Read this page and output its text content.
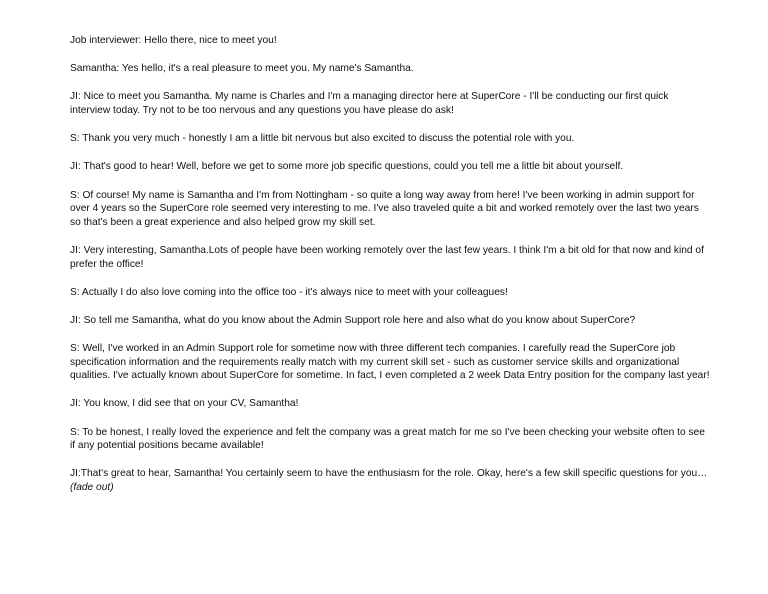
Job interviewer: Hello there, nice to meet you!

Samantha: Yes hello, it's a real pleasure to meet you. My name's Samantha.

JI: Nice to meet you Samantha. My name is Charles and I'm a managing director here at SuperCore - I'll be conducting our first quick interview today. Try not to be too nervous and any questions you have please do ask!

S: Thank you very much - honestly I am a little bit nervous but also excited to discuss the potential role with you.

JI: That's good to hear! Well, before we get to some more job specific questions, could you tell me a little bit about yourself.

S: Of course! My name is Samantha and I'm from Nottingham - so quite a long way away from here! I've been working in admin support for over 4 years so the SuperCore role seemed very interesting to me. I've also traveled quite a bit and worked remotely over the last two years so that's been a great experience and also helped grow my skill set.

JI: Very interesting, Samantha.Lots of people have been working remotely over the last few years. I think I'm a bit old for that now and kind of prefer the office!

S: Actually I do also love coming into the office too - it's always nice to meet with your colleagues!

JI: So tell me Samantha, what do you know about the Admin Support role here and also what do you know about SuperCore?

S: Well, I've worked in an Admin Support role for sometime now with three different tech companies. I carefully read the SuperCore job specification information and the requirements really match with my current skill set - such as customer service skills and organizational qualities. I've actually known about SuperCore for sometime. In fact, I even completed a 2 week Data Entry position for the company last year!

JI: You know, I did see that on your CV, Samantha!

S: To be honest, I really loved the experience and felt the company was a great match for me so I've been checking your website often to see if any potential positions became available!

JI:That's great to hear, Samantha! You certainly seem to have the enthusiasm for the role. Okay, here's a few skill specific questions for you… (fade out)
